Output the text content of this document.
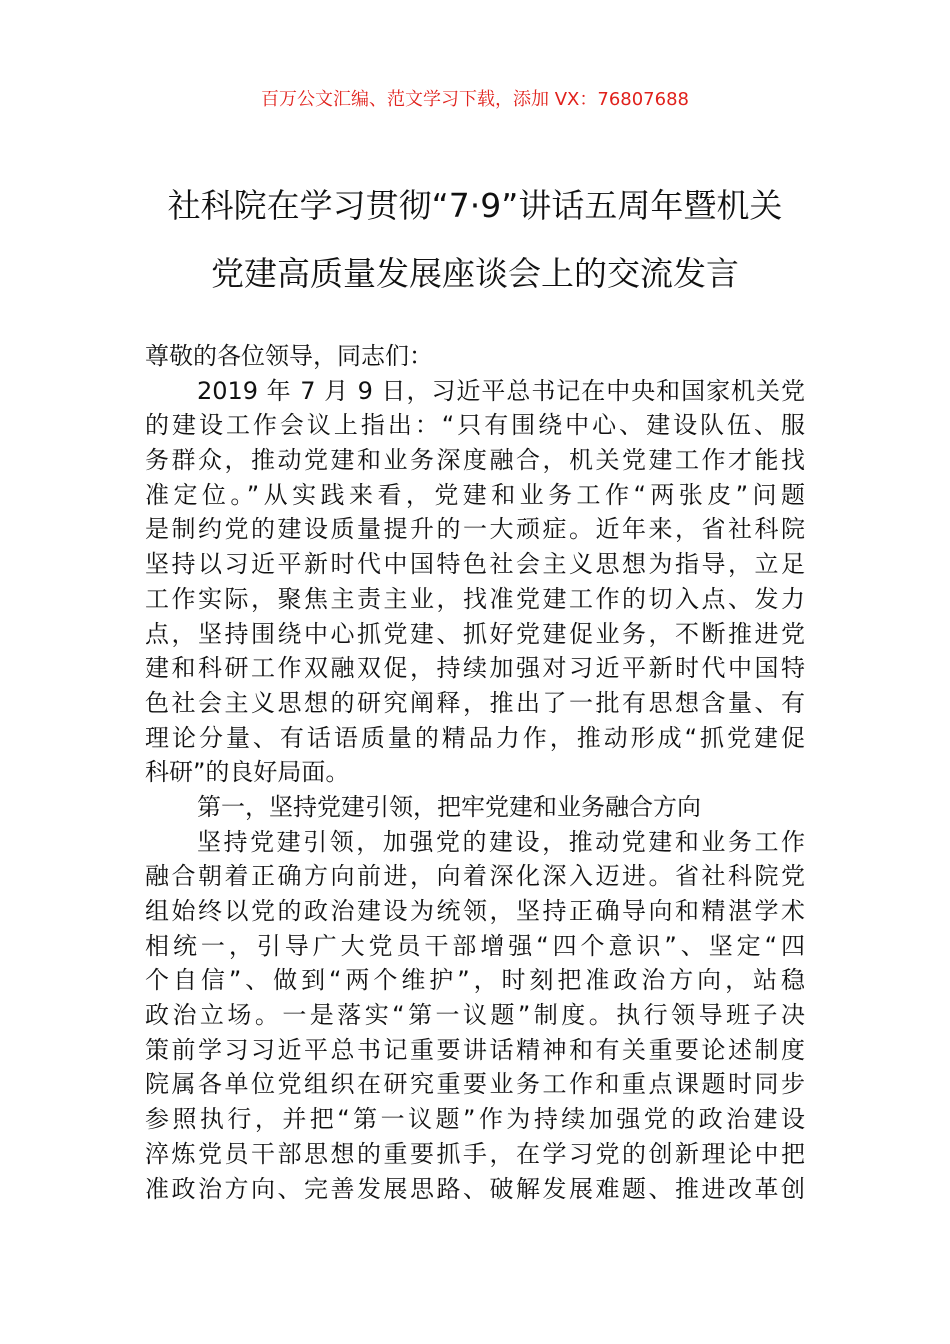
百万公文汇编、范文学习下载，添加 VX：76807688
社科院在学习贯彻“7·9”讲话五周年暨机关
党建高质量发展座谈会上的交流发言
尊敬的各位领导，同志们：
2019 年 7 月 9 日，习近平总书记在中央和国家机关党
的建设工作会议上指出：“只有围绕中心、建设队伍、服
务群众，推动党建和业务深度融合，机关党建工作才能找
准定位。”从实践来看，党建和业务工作“两张皮”问题
是制约党的建设质量提升的一大顽症。近年来，省社科院
坚持以习近平新时代中国特色社会主义思想为指导，立足
工作实际，聚焦主责主业，找准党建工作的切入点、发力
点，坚持围绕中心抓党建、抓好党建促业务，不断推进党
建和科研工作双融双促，持续加强对习近平新时代中国特
色社会主义思想的研究阐释，推出了一批有思想含量、有
理论分量、有话语质量的精品力作，推动形成“抓党建促
科研”的良好局面。
第一，坚持党建引领，把牢党建和业务融合方向
坚持党建引领，加强党的建设，推动党建和业务工作
融合朝着正确方向前进，向着深化深入迈进。省社科院党
组始终以党的政治建设为统领，坚持正确导向和精湛学术
相统一，引导广大党员干部增强“四个意识”、坚定“四
个自信”、做到“两个维护”，时刻把准政治方向，站稳
政治立场。一是落实“第一议题”制度。执行领导班子决
策前学习习近平总书记重要讲话精神和有关重要论述制度
院属各单位党组织在研究重要业务工作和重点课题时同步
参照执行，并把“第一议题”作为持续加强党的政治建设
淬炼党员干部思想的重要抓手，在学习党的创新理论中把
准政治方向、完善发展思路、破解发展难题、推进改革创
